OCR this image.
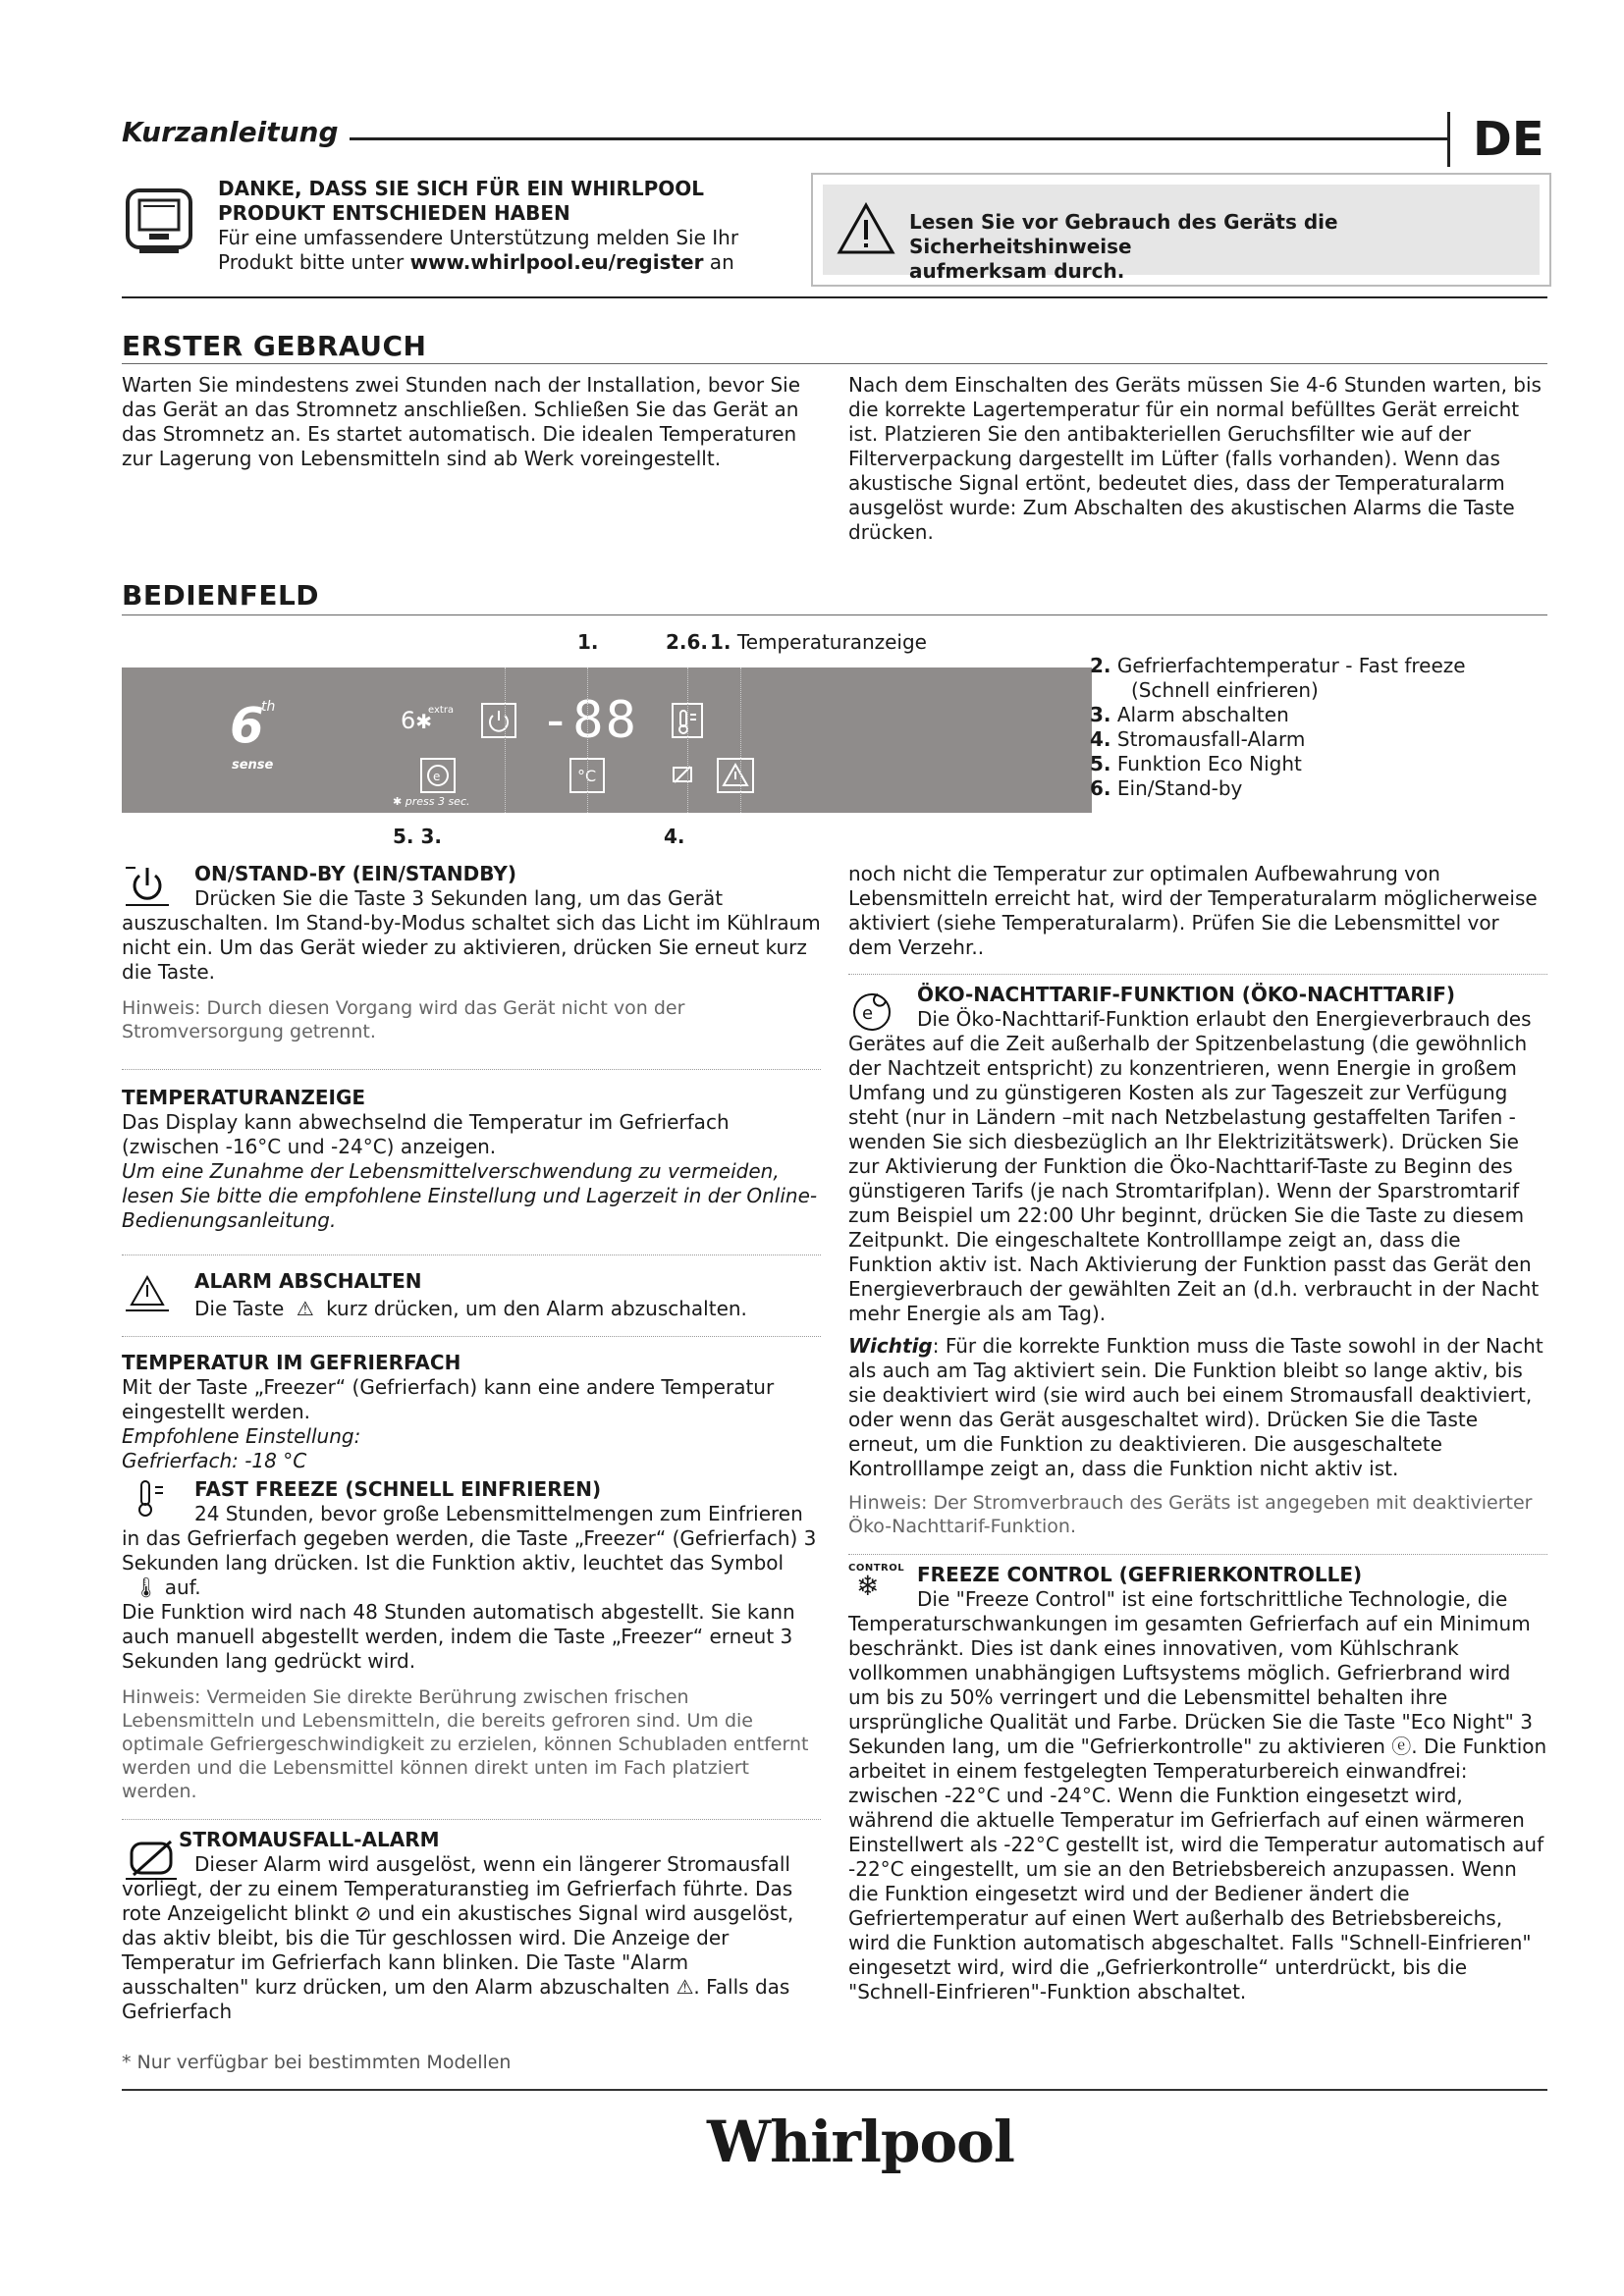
Kurzanleitung	DE
DANKE, DASS SIE SICH FÜR EIN WHIRLPOOL
PRODUKT ENTSCHIEDEN HABEN
Für eine umfassendere Unterstützung melden Sie Ihr
Produkt bitte unter www.whirlpool.eu/register an
Lesen Sie vor Gebrauch des Geräts die Sicherheitshinweise
aufmerksam durch.
ERSTER GEBRAUCH
Warten Sie mindestens zwei Stunden nach der Installation, bevor Sie das Gerät an das Stromnetz anschließen. Schließen Sie das Gerät an das Stromnetz an. Es startet automatisch. Die idealen Temperaturen zur Lagerung von Lebensmitteln sind ab Werk voreingestellt.
Nach dem Einschalten des Geräts müssen Sie 4-6 Stunden warten, bis die korrekte Lagertemperatur für ein normal befülltes Gerät erreicht ist. Platzieren Sie den antibakteriellen Geruchsfilter wie auf der Filterverpackung dargestellt im Lüfter (falls vorhanden). Wenn das akustische Signal ertönt, bedeutet dies, dass der Temperaturalarm ausgelöst wurde: Zum Abschalten des akustischen Alarms die Taste drücken.
BEDIENFELD
1.	2.6.
6
th
sense
6✱
extra -88
e
✱ press 3 sec.
°C
5. 3.	4.
1. Temperaturanzeige
2. Gefrierfachtemperatur - Fast freeze
(Schnell einfrieren)
3. Alarm abschalten
4. Stromausfall-Alarm
5. Funktion Eco Night
6. Ein/Stand-by
ON/STAND-BY (EIN/STANDBY)
Drücken Sie die Taste 3 Sekunden lang, um das Gerät auszuschalten. Im Stand-by-Modus schaltet sich das Licht im Kühlraum nicht ein. Um das Gerät wieder zu aktivieren, drücken Sie erneut kurz die Taste.
Hinweis: Durch diesen Vorgang wird das Gerät nicht von der Stromversorgung getrennt.
TEMPERATURANZEIGE
Das Display kann abwechselnd die Temperatur im Gefrierfach (zwischen -16°C und -24°C) anzeigen.
Um eine Zunahme der Lebensmittelverschwendung zu vermeiden, lesen Sie bitte die empfohlene Einstellung und Lagerzeit in der Online-Bedienungsanleitung.
ALARM ABSCHALTEN
Die Taste ⚠ kurz drücken, um den Alarm abzuschalten.
TEMPERATUR IM GEFRIERFACH
Mit der Taste „Freezer“ (Gefrierfach) kann eine andere Temperatur eingestellt werden.
Empfohlene Einstellung:
Gefrierfach: -18 °C
FAST FREEZE (SCHNELL EINFRIEREN)
24 Stunden, bevor große Lebensmittelmengen zum Einfrieren in das Gefrierfach gegeben werden, die Taste „Freezer“ (Gefrierfach) 3 Sekunden lang drücken. Ist die Funktion aktiv, leuchtet das Symbol
🌡 auf.
Die Funktion wird nach 48 Stunden automatisch abgestellt. Sie kann auch manuell abgestellt werden, indem die Taste „Freezer“ erneut 3 Sekunden lang gedrückt wird.
Hinweis: Vermeiden Sie direkte Berührung zwischen frischen Lebensmitteln und Lebensmitteln, die bereits gefroren sind. Um die optimale Gefriergeschwindigkeit zu erzielen, können Schubladen entfernt werden und die Lebensmittel können direkt unten im Fach platziert werden.
STROMAUSFALL-ALARM
Dieser Alarm wird ausgelöst, wenn ein längerer Stromausfall vorliegt, der zu einem Temperaturanstieg im Gefrierfach führte. Das rote Anzeigelicht blinkt ⊘ und ein akustisches Signal wird ausgelöst, das aktiv bleibt, bis die Tür geschlossen wird. Die Anzeige der Temperatur im Gefrierfach kann blinken. Die Taste "Alarm ausschalten" kurz drücken, um den Alarm abzuschalten ⚠. Falls das Gefrierfach
noch nicht die Temperatur zur optimalen Aufbewahrung von Lebensmitteln erreicht hat, wird der Temperaturalarm möglicherweise aktiviert (siehe Temperaturalarm). Prüfen Sie die Lebensmittel vor dem Verzehr..
e
ÖKO-NACHTTARIF-FUNKTION (ÖKO-NACHTTARIF)
Die Öko-Nachttarif-Funktion erlaubt den Energieverbrauch des Gerätes auf die Zeit außerhalb der Spitzenbelastung (die gewöhnlich der Nachtzeit entspricht) zu konzentrieren, wenn Energie in großem Umfang und zu günstigeren Kosten als zur Tageszeit zur Verfügung steht (nur in Ländern –mit nach Netzbelastung gestaffelten Tarifen - wenden Sie sich diesbezüglich an Ihr Elektrizitätswerk). Drücken Sie zur Aktivierung der Funktion die Öko-Nachttarif-Taste zu Beginn des günstigeren Tarifs (je nach Stromtarifplan). Wenn der Sparstromtarif zum Beispiel um 22:00 Uhr beginnt, drücken Sie die Taste zu diesem Zeitpunkt. Die eingeschaltete Kontrolllampe zeigt an, dass die Funktion aktiv ist. Nach Aktivierung der Funktion passt das Gerät den Energieverbrauch der gewählten Zeit an (d.h. verbraucht in der Nacht mehr Energie als am Tag).
Wichtig: Für die korrekte Funktion muss die Taste sowohl in der Nacht als auch am Tag aktiviert sein. Die Funktion bleibt so lange aktiv, bis sie deaktiviert wird (sie wird auch bei einem Stromausfall deaktiviert, oder wenn das Gerät ausgeschaltet wird). Drücken Sie die Taste erneut, um die Funktion zu deaktivieren. Die ausgeschaltete Kontrolllampe zeigt an, dass die Funktion nicht aktiv ist.
Hinweis: Der Stromverbrauch des Geräts ist angegeben mit deaktivierter Öko-Nachttarif-Funktion.
CONTROL
❄ FREEZE CONTROL (GEFRIERKONTROLLE)
Die "Freeze Control" ist eine fortschrittliche Technologie, die Temperaturschwankungen im gesamten Gefrierfach auf ein Minimum beschränkt. Dies ist dank eines innovativen, vom Kühlschrank vollkommen unabhängigen Luftsystems möglich. Gefrierbrand wird um bis zu 50% verringert und die Lebensmittel behalten ihre ursprüngliche Qualität und Farbe. Drücken Sie die Taste "Eco Night" 3 Sekunden lang, um die "Gefrierkontrolle" zu aktivieren ⓔ. Die Funktion arbeitet in einem festgelegten Temperaturbereich einwandfrei: zwischen -22°C und -24°C. Wenn die Funktion eingesetzt wird, während die aktuelle Temperatur im Gefrierfach auf einen wärmeren Einstellwert als -22°C gestellt ist, wird die Temperatur automatisch auf -22°C eingestellt, um sie an den Betriebsbereich anzupassen. Wenn die Funktion eingesetzt wird und der Bediener ändert die Gefriertemperatur auf einen Wert außerhalb des Betriebsbereichs, wird die Funktion automatisch abgeschaltet. Falls "Schnell-Einfrieren" eingesetzt wird, wird die „Gefrierkontrolle“ unterdrückt, bis die "Schnell-Einfrieren"-Funktion abschaltet.
* Nur verfügbar bei bestimmten Modellen
Whirlpool
